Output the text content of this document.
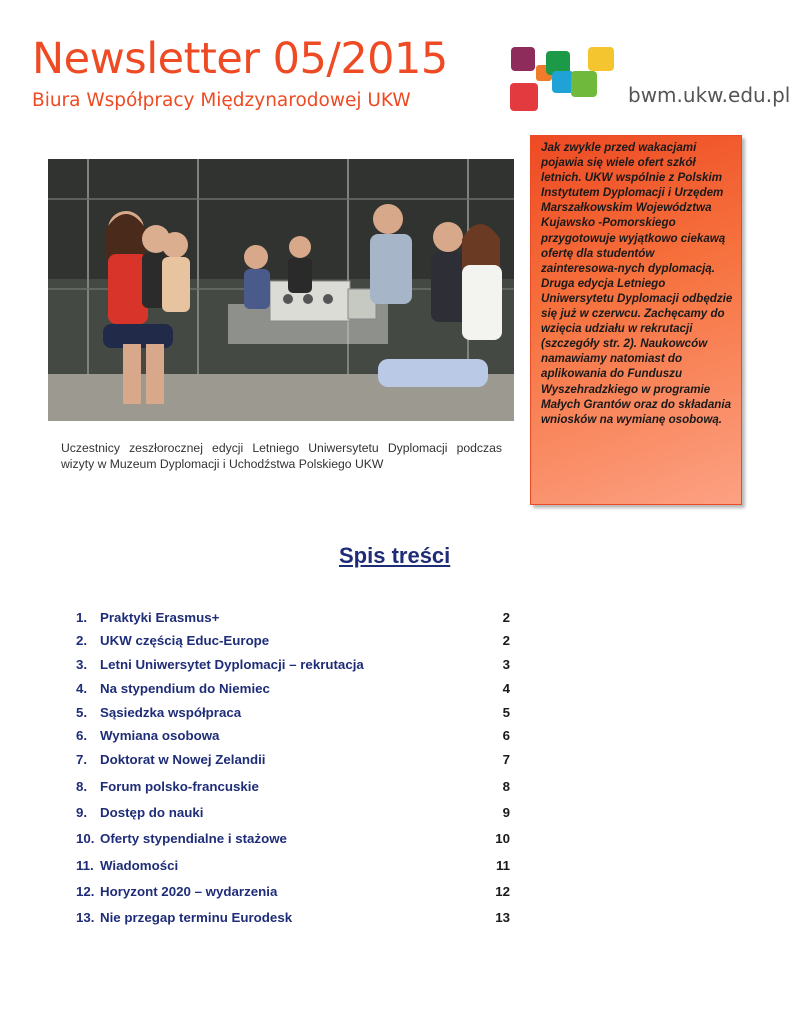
Newsletter 05/2015
Biura Współpracy Międzynarodowej UKW	bwm.ukw.edu.pl

Uczestnicy zeszłorocznej edycji Letniego Uniwersytetu Dyplomacji podczas wizyty w Muzeum Dyplomacji i Uchodźstwa Polskiego UKW

Jak zwykle przed wakacjami pojawia się wiele ofert szkół letnich. UKW wspólnie z Polskim Instytutem Dyplomacji i Urzędem Marszałkowskim Województwa Kujawsko -Pomorskiego przygotowuje wyjątkowo ciekawą ofertę dla studentów zainteresowa-nych dyplomacją. Druga edycja Letniego Uniwersytetu Dyplomacji odbędzie się już w czerwcu. Zachęcamy do wzięcia udziału w rekrutacji (szczegóły str. 2). Naukowców namawiamy natomiast do aplikowania do Funduszu Wyszehradzkiego w programie Małych Grantów oraz do składania wniosków na wymianę osobową.

Spis treści
1. Praktyki Erasmus+	2
2. UKW częścią Educ-Europe	2
3. Letni Uniwersytet Dyplomacji – rekrutacja	3
4. Na stypendium do Niemiec	4
5. Sąsiedzka współpraca	5
6. Wymiana osobowa	6
7. Doktorat w Nowej Zelandii	7
8. Forum polsko-francuskie	8
9. Dostęp do nauki	9
10. Oferty stypendialne i stażowe	10
11. Wiadomości	11
12. Horyzont 2020 – wydarzenia	12
13. Nie przegap terminu Eurodesk	13
